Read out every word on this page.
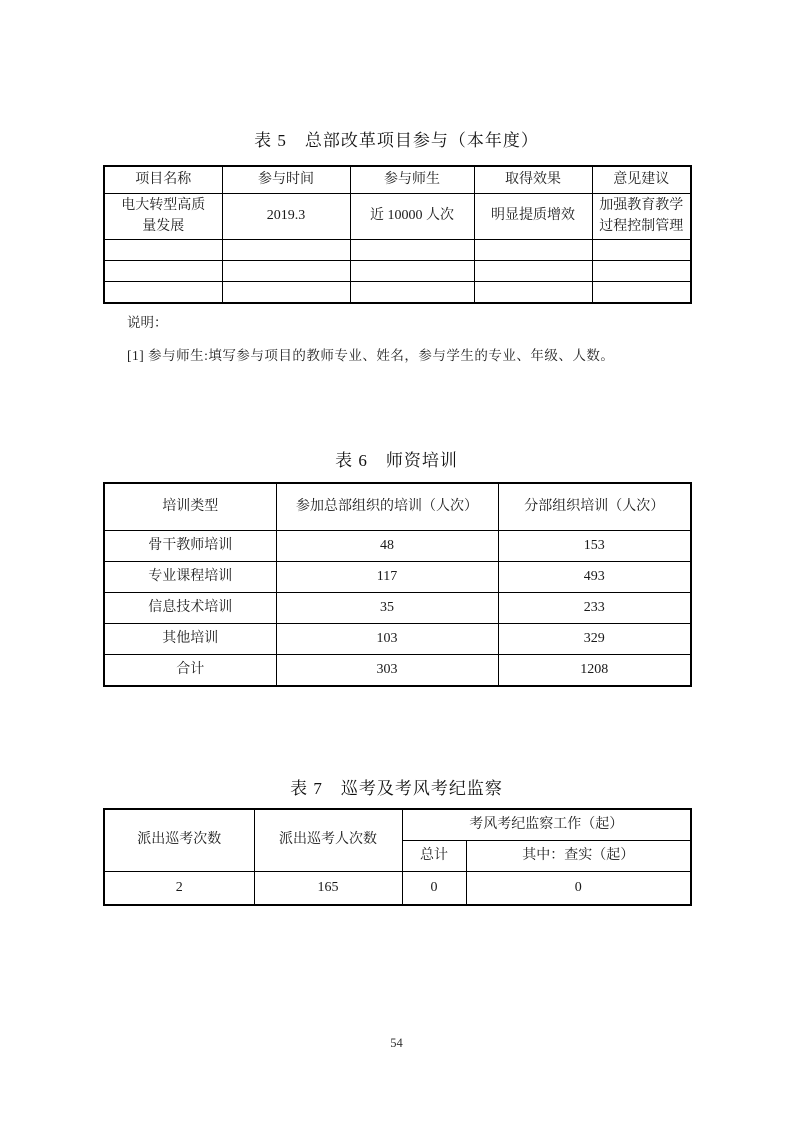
表 5　总部改革项目参与（本年度）
项目名称	参与时间	参与师生	取得效果	意见建议
电大转型高质量发展	2019.3	近 10000 人次	明显提质增效	加强教育教学过程控制管理

说明：
[1] 参与师生:填写参与项目的教师专业、姓名，参与学生的专业、年级、人数。
表 6　师资培训
培训类型	参加总部组织的培训（人次）	分部组织培训（人次）
骨干教师培训	48	153
专业课程培训	117	493
信息技术培训	35	233
其他培训	103	329
合计	303	1208
表 7　巡考及考风考纪监察
派出巡考次数	派出巡考人次数	考风考纪监察工作（起）	
		总计	其中：查实（起）
2	165	0	0
54
